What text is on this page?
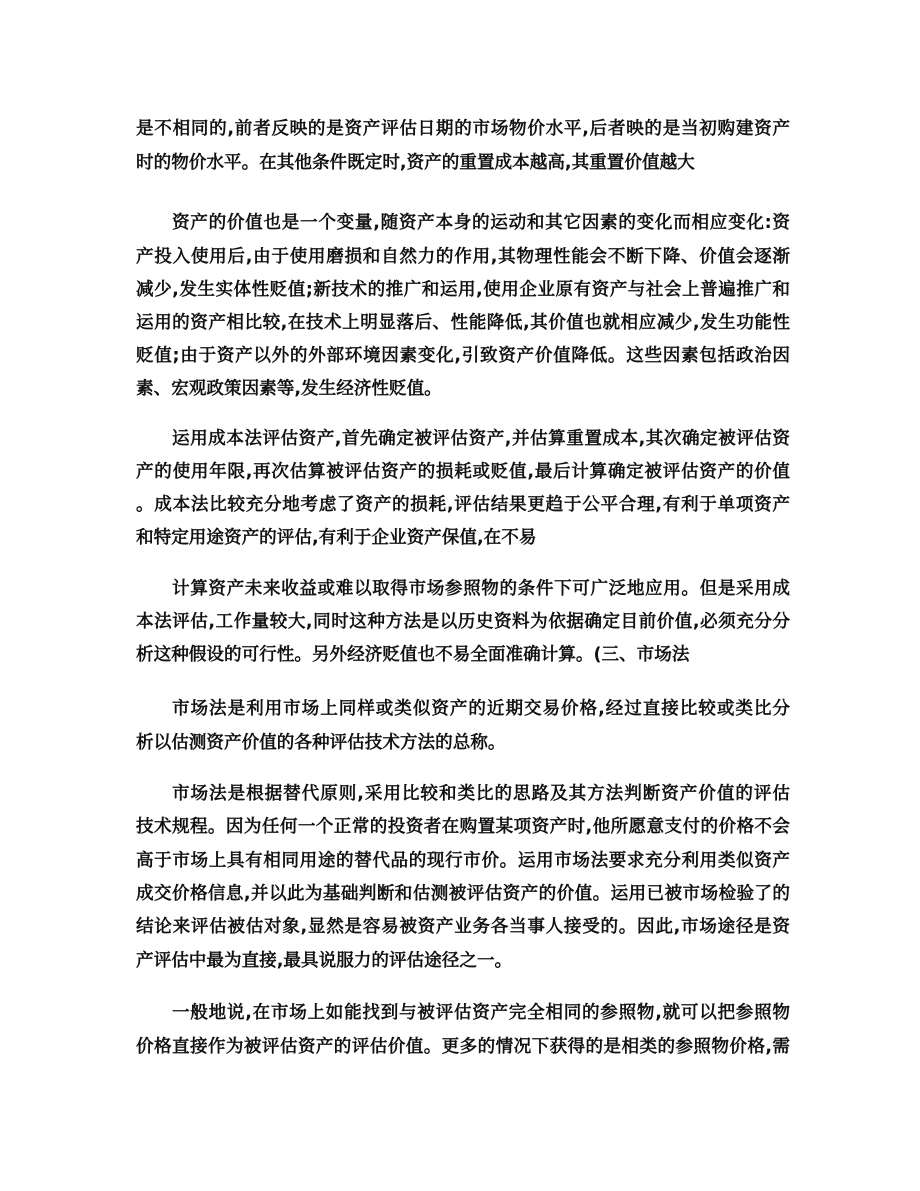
是不相同的,前者反映的是资产评估日期的市场物价水平,后者映的是当初购建资产
时的物价水平。在其他条件既定时,资产的重置成本越高,其重置价值越大
资产的价值也是一个变量,随资产本身的运动和其它因素的变化而相应变化:资
产投入使用后,由于使用磨损和自然力的作用,其物理性能会不断下降、价值会逐渐
减少,发生实体性贬值;新技术的推广和运用,使用企业原有资产与社会上普遍推广和
运用的资产相比较,在技术上明显落后、性能降低,其价值也就相应减少,发生功能性
贬值;由于资产以外的外部环境因素变化,引致资产价值降低。这些因素包括政治因
素、宏观政策因素等,发生经济性贬值。
运用成本法评估资产,首先确定被评估资产,并估算重置成本,其次确定被评估资
产的使用年限,再次估算被评估资产的损耗或贬值,最后计算确定被评估资产的价值
。成本法比较充分地考虑了资产的损耗,评估结果更趋于公平合理,有利于单项资产
和特定用途资产的评估,有利于企业资产保值,在不易
计算资产未来收益或难以取得市场参照物的条件下可广泛地应用。但是采用成
本法评估,工作量较大,同时这种方法是以历史资料为依据确定目前价值,必须充分分
析这种假设的可行性。另外经济贬值也不易全面准确计算。(三、市场法
市场法是利用市场上同样或类似资产的近期交易价格,经过直接比较或类比分
析以估测资产价值的各种评估技术方法的总称。
市场法是根据替代原则,采用比较和类比的思路及其方法判断资产价值的评估
技术规程。因为任何一个正常的投资者在购置某项资产时,他所愿意支付的价格不会
高于市场上具有相同用途的替代品的现行市价。运用市场法要求充分利用类似资产
成交价格信息,并以此为基础判断和估测被评估资产的价值。运用已被市场检验了的
结论来评估被估对象,显然是容易被资产业务各当事人接受的。因此,市场途径是资
产评估中最为直接,最具说服力的评估途径之一。
一般地说,在市场上如能找到与被评估资产完全相同的参照物,就可以把参照物
价格直接作为被评估资产的评估价值。更多的情况下获得的是相类的参照物价格,需
